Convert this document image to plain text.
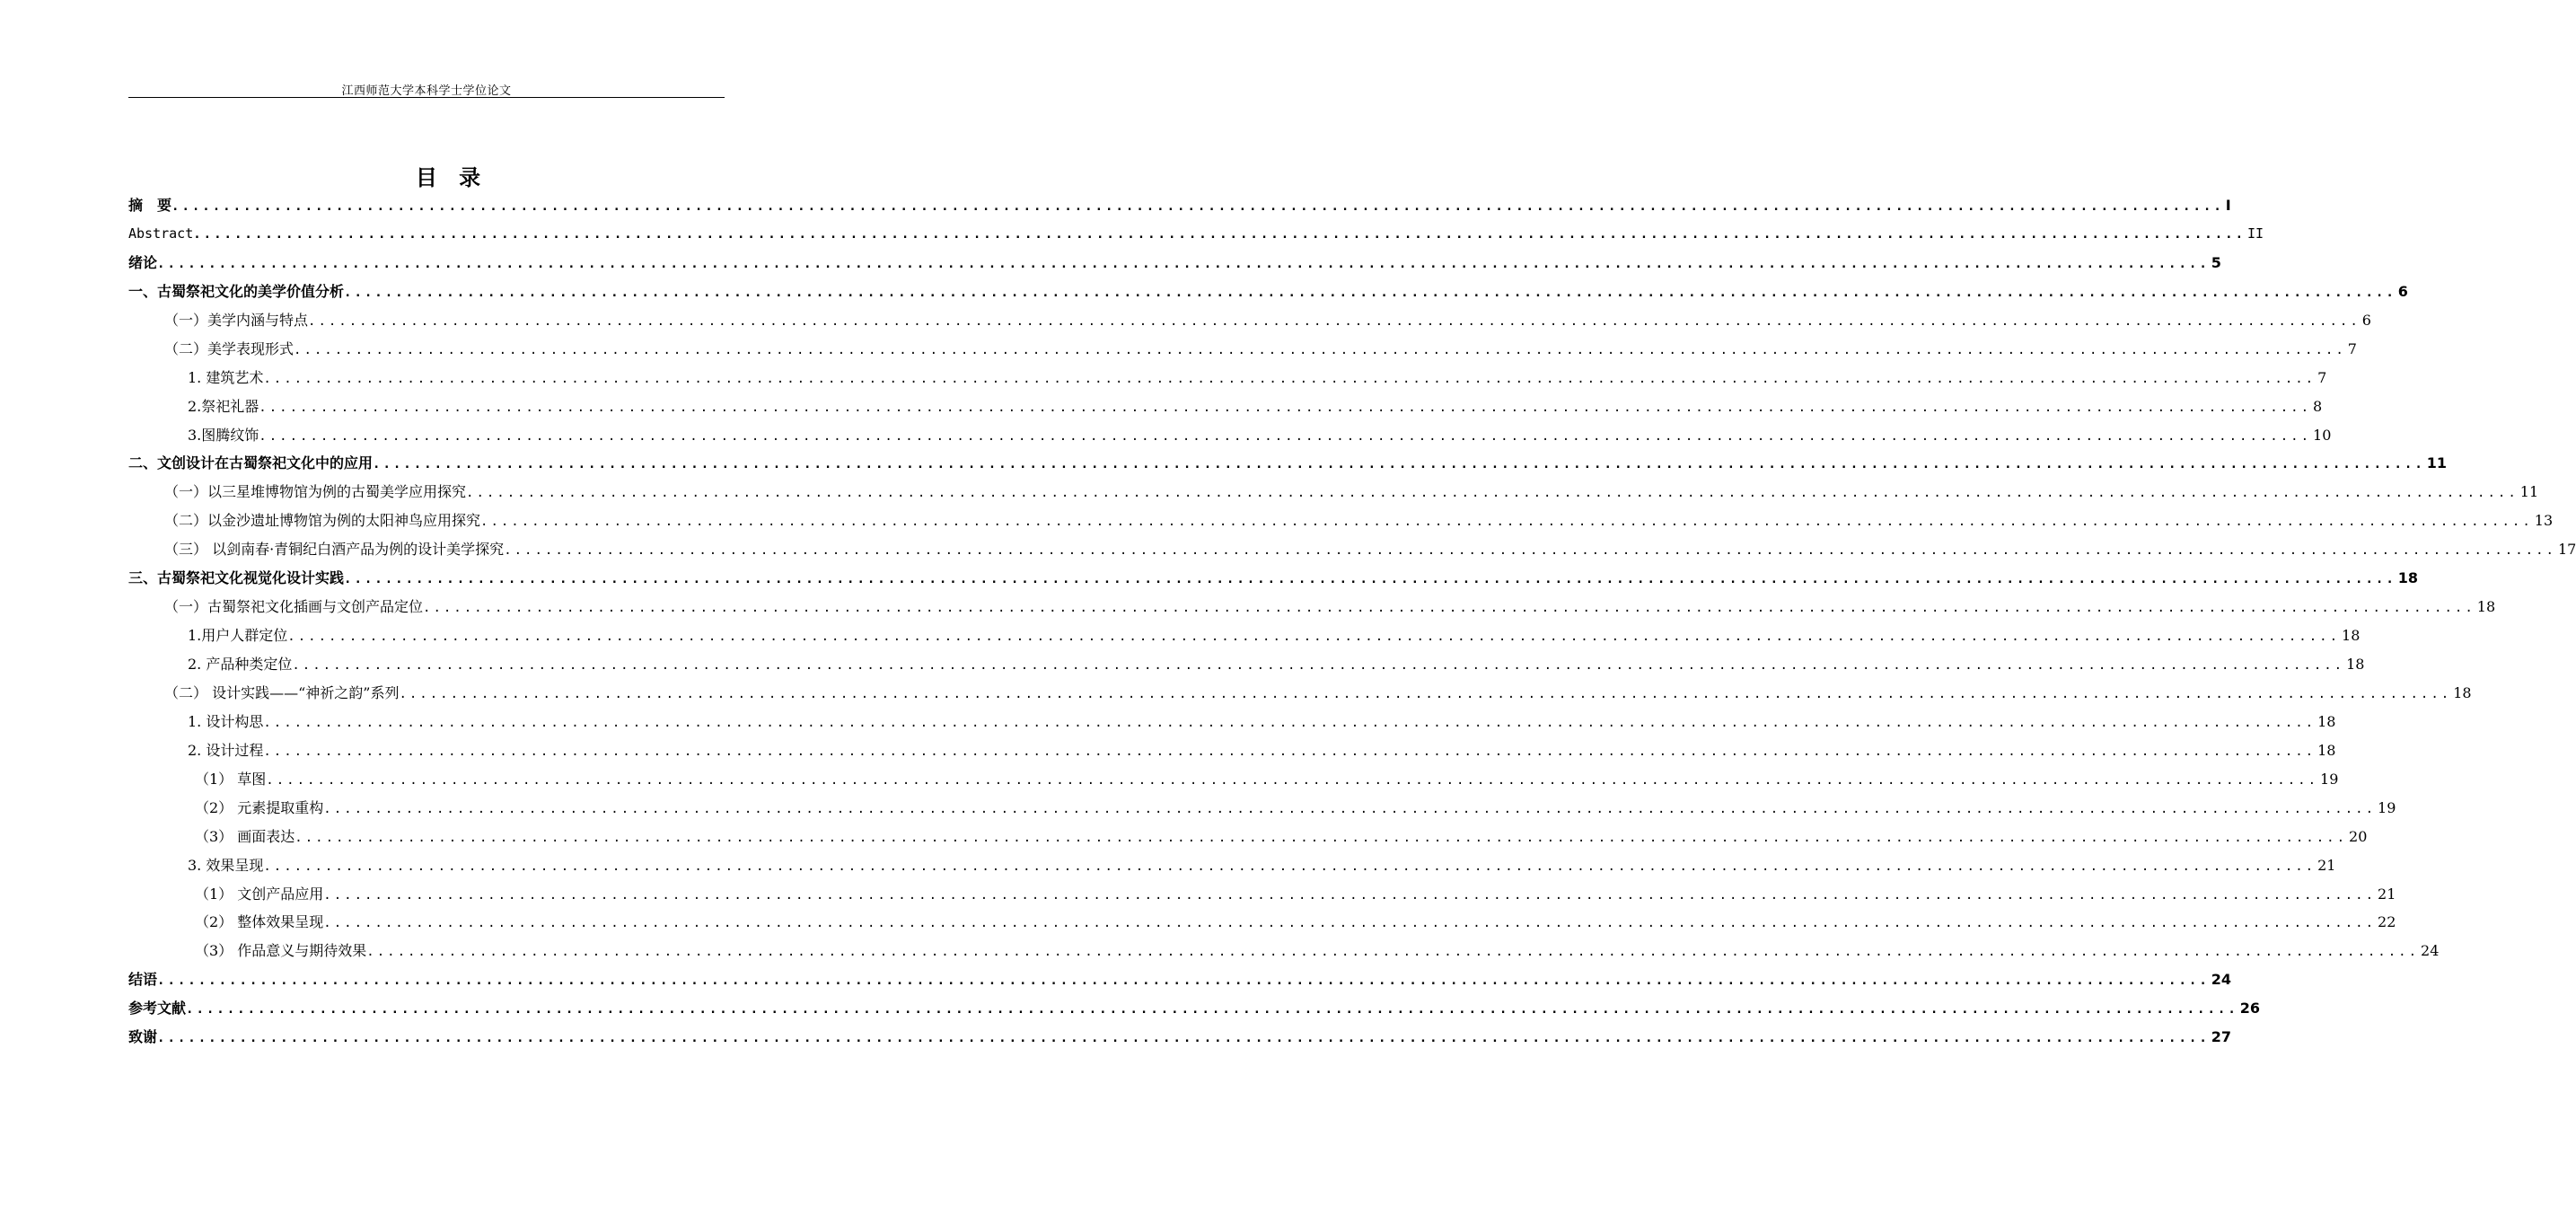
江西师范大学本科学士学位论文
目 录
摘　要 ........................................................................................................................................................................................................ I
Abstract ........................................................................................................................................................................................................ II
绪论 ........................................................................................................................................................................................................ 5
一、古蜀祭祀文化的美学价值分析 ........................................................................................................................................................................................................ 6
（一）美学内涵与特点 ........................................................................................................................................................................................................ 6
（二）美学表现形式 ........................................................................................................................................................................................................ 7
1. 建筑艺术 ........................................................................................................................................................................................................ 7
2.祭祀礼器 ........................................................................................................................................................................................................ 8
3.图腾纹饰 ........................................................................................................................................................................................................ 10
二、文创设计在古蜀祭祀文化中的应用 ........................................................................................................................................................................................................ 11
（一）以三星堆博物馆为例的古蜀美学应用探究 ........................................................................................................................................................................................................ 11
（二）以金沙遗址博物馆为例的太阳神鸟应用探究 ........................................................................................................................................................................................................ 13
（三） 以剑南春·青铜纪白酒产品为例的设计美学探究 ........................................................................................................................................................................................................ 17
三、古蜀祭祀文化视觉化设计实践 ........................................................................................................................................................................................................ 18
（一）古蜀祭祀文化插画与文创产品定位 ........................................................................................................................................................................................................ 18
1.用户人群定位 ........................................................................................................................................................................................................ 18
2. 产品种类定位 ........................................................................................................................................................................................................ 18
（二） 设计实践——“神祈之韵”系列 ........................................................................................................................................................................................................ 18
1. 设计构思 ........................................................................................................................................................................................................ 18
2. 设计过程 ........................................................................................................................................................................................................ 18
（1） 草图 ........................................................................................................................................................................................................ 19
（2） 元素提取重构 ........................................................................................................................................................................................................ 19
（3） 画面表达 ........................................................................................................................................................................................................ 20
3. 效果呈现 ........................................................................................................................................................................................................ 21
（1） 文创产品应用 ........................................................................................................................................................................................................ 21
（2） 整体效果呈现 ........................................................................................................................................................................................................ 22
（3） 作品意义与期待效果 ........................................................................................................................................................................................................ 24
结语 ........................................................................................................................................................................................................ 24
参考文献 ........................................................................................................................................................................................................ 26
致谢 ........................................................................................................................................................................................................ 27
